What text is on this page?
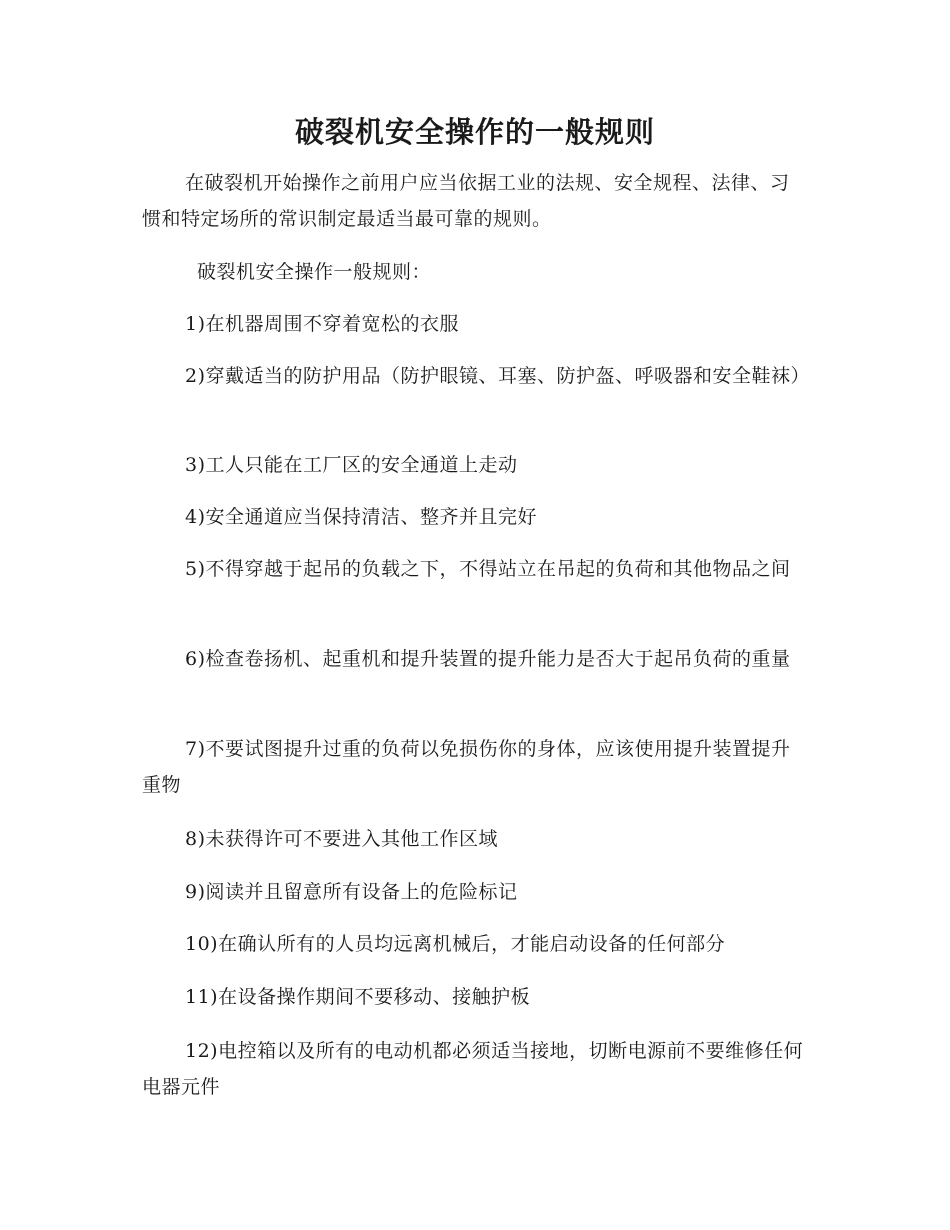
破裂机安全操作的一般规则

在破裂机开始操作之前用户应当依据工业的法规、安全规程、法律、习惯和特定场所的常识制定最适当最可靠的规则。

破裂机安全操作一般规则：

1)在机器周围不穿着宽松的衣服

2)穿戴适当的防护用品（防护眼镜、耳塞、防护盔、呼吸器和安全鞋袜）

3)工人只能在工厂区的安全通道上走动

4)安全通道应当保持清洁、整齐并且完好

5)不得穿越于起吊的负载之下，不得站立在吊起的负荷和其他物品之间

6)检查卷扬机、起重机和提升装置的提升能力是否大于起吊负荷的重量

7)不要试图提升过重的负荷以免损伤你的身体，应该使用提升装置提升重物

8)未获得许可不要进入其他工作区域

9)阅读并且留意所有设备上的危险标记

10)在确认所有的人员均远离机械后，才能启动设备的任何部分

11)在设备操作期间不要移动、接触护板

12)电控箱以及所有的电动机都必须适当接地，切断电源前不要维修任何电器元件
